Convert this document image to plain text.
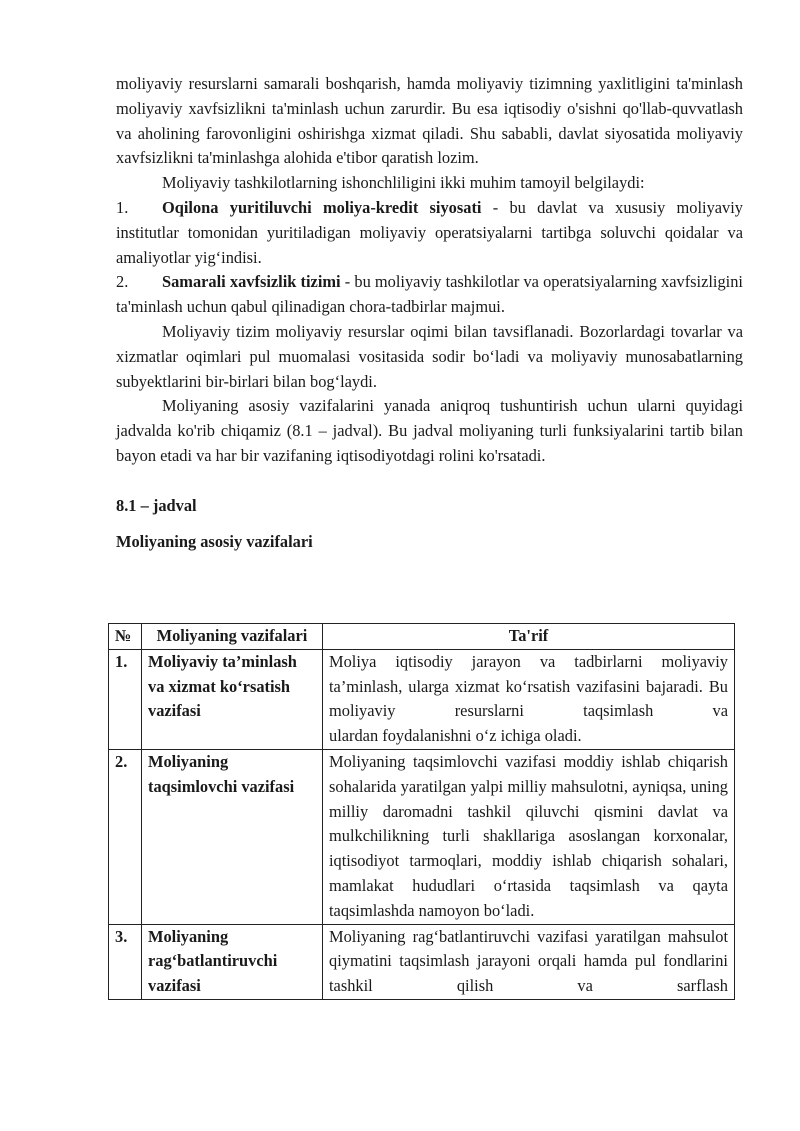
moliyaviy resurslarni samarali boshqarish, hamda moliyaviy tizimning yaxlitligini ta'minlash moliyaviy xavfsizlikni ta'minlash uchun zarurdir. Bu esa iqtisodiy o'sishni qo'llab-quvvatlash va aholining farovonligini oshirishga xizmat qiladi. Shu sababli, davlat siyosatida moliyaviy xavfsizlikni ta'minlashga alohida e'tibor qaratish lozim.

Moliyaviy tashkilotlarning ishonchliligini ikki muhim tamoyil belgilaydi:

1. Oqilona yuritiluvchi moliya-kredit siyosati - bu davlat va xususiy moliyaviy institutlar tomonidan yuritiladigan moliyaviy operatsiyalarni tartibga soluvchi qoidalar va amaliyotlar yig‘indisi.

2. Samarali xavfsizlik tizimi - bu moliyaviy tashkilotlar va operatsiyalarning xavfsizligini ta'minlash uchun qabul qilinadigan chora-tadbirlar majmui.

Moliyaviy tizim moliyaviy resurslar oqimi bilan tavsiflanadi. Bozorlardagi tovarlar va xizmatlar oqimlari pul muomalasi vositasida sodir bo‘ladi va moliyaviy munosabatlarning subyektlarini bir-birlari bilan bog‘laydi.

Moliyaning asosiy vazifalarini yanada aniqroq tushuntirish uchun ularni quyidagi jadvalda ko'rib chiqamiz (8.1 – jadval). Bu jadval moliyaning turli funksiyalarini tartib bilan bayon etadi va har bir vazifaning iqtisodiyotdagi rolini ko'rsatadi.

8.1 – jadval

Moliyaning asosiy vazifalari

№	Moliyaning vazifalari	Ta'rif
1.	Moliyaviy ta’minlash va xizmat ko‘rsatish vazifasi	Moliya iqtisodiy jarayon va tadbirlarni moliyaviy ta’minlash, ularga xizmat ko‘rsatish vazifasini bajaradi. Bu moliyaviy resurslarni taqsimlash va
ulardan foydalanishni o‘z ichiga oladi.

2.	Moliyaning taqsimlovchi vazifasi	Moliyaning taqsimlovchi vazifasi moddiy ishlab chiqarish sohalarida yaratilgan yalpi milliy mahsulotni, ayniqsa, uning milliy daromadni tashkil qiluvchi qismini davlat va mulkchilikning turli shakllariga asoslangan korxonalar, iqtisodiyot tarmoqlari, moddiy ishlab chiqarish sohalari, mamlakat hududlari o‘rtasida taqsimlash va qayta
taqsimlashda namoyon bo‘ladi.

3.	Moliyaning rag‘batlantiruvchi vazifasi	Moliyaning rag‘batlantiruvchi vazifasi yaratilgan mahsulot qiymatini taqsimlash jarayoni orqali hamda pul fondlarini tashkil qilish va sarflash
